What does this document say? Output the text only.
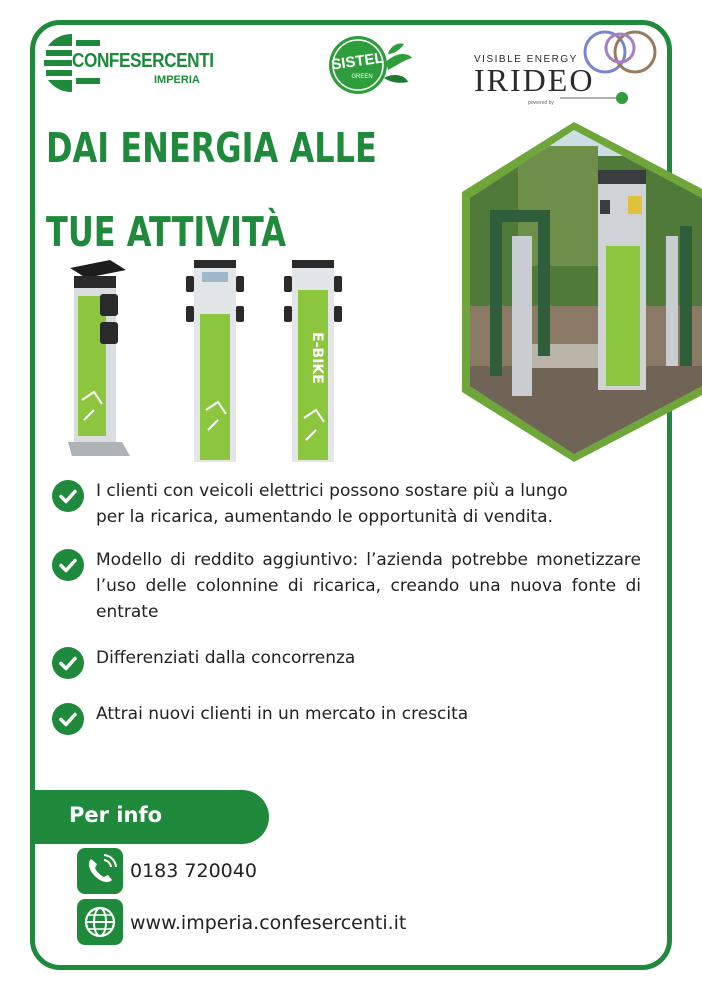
CONFESERCENTI
IMPERIA
SISTEL
GREEN
VISIBLE ENERGY
IRIDEO
powered by
DAI ENERGIA ALLE
TUE ATTIVITÀ
E-BIKE

I clienti con veicoli elettrici possono sostare più a lungo per la ricarica, aumentando le opportunità di vendita.

Modello di reddito aggiuntivo: l’azienda potrebbe monetizzare l’uso delle colonnine di ricarica, creando una nuova fonte di entrate

Differenziati dalla concorrenza

Attrai nuovi clienti in un mercato in crescita

Per info
0183 720040
www.imperia.confesercenti.it
